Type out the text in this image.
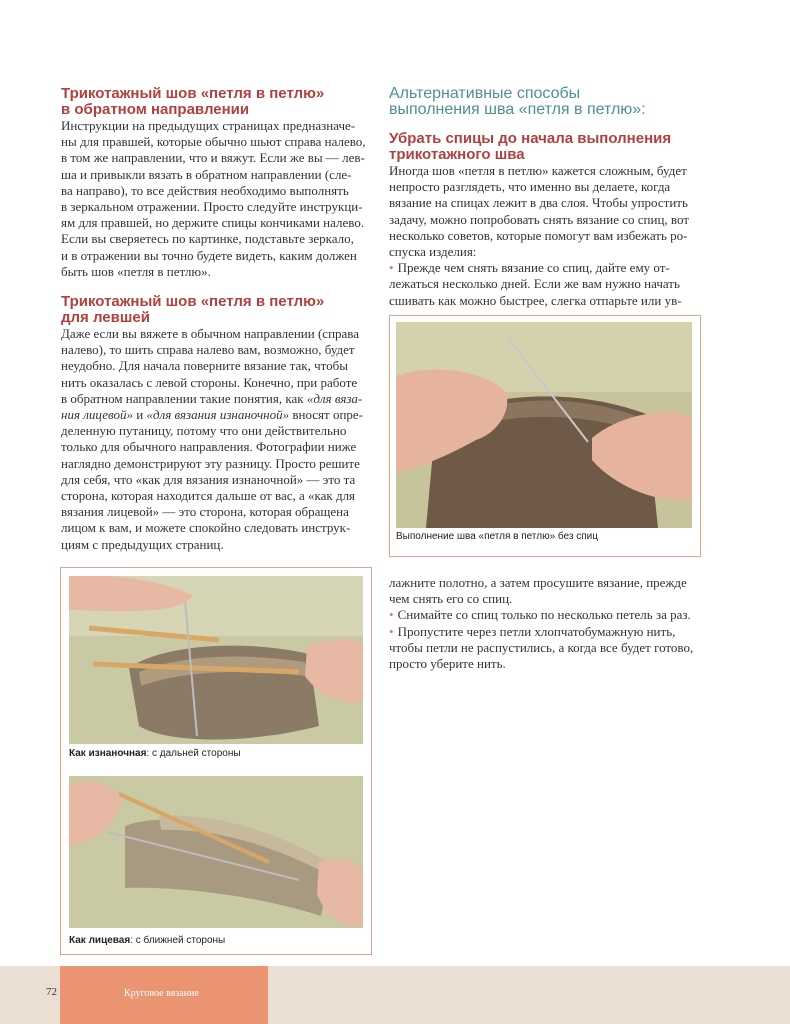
Трикотажный шов «петля в петлю»
в обратном направлении

Инструкции на предыдущих страницах предназначе-
ны для правшей, которые обычно шьют справа налево,
в том же направлении, что и вяжут. Если же вы — лев-
ша и привыкли вязать в обратном направлении (сле-
ва направо), то все действия необходимо выполнять
в зеркальном отражении. Просто следуйте инструкци-
ям для правшей, но держите спицы кончиками налево.
Если вы сверяетесь по картинке, подставьте зеркало,
и в отражении вы точно будете видеть, каким должен
быть шов «петля в петлю».

Трикотажный шов «петля в петлю»
для левшей

Даже если вы вяжете в обычном направлении (справа
налево), то шить справа налево вам, возможно, будет
неудобно. Для начала поверните вязание так, чтобы
нить оказалась с левой стороны. Конечно, при работе
в обратном направлении такие понятия, как «для вяза-
ния лицевой» и «для вязания изнаночной» вносят опре-
деленную путаницу, потому что они действительно
только для обычного направления. Фотографии ниже
наглядно демонстрируют эту разницу. Просто решите
для себя, что «как для вязания изнаночной» — это та
сторона, которая находится дальше от вас, а «как для
вязания лицевой» — это сторона, которая обращена
лицом к вам, и можете спокойно следовать инструк-
циям с предыдущих страниц.

Как изнаночная: с дальней стороны
Как лицевая: с ближней стороны
Альтернативные способы
выполнения шва «петля в петлю»:
Убрать спицы до начала выполнения
трикотажного шва

Иногда шов «петля в петлю» кажется сложным, будет
непросто разглядеть, что именно вы делаете, когда
вязание на спицах лежит в два слоя. Чтобы упростить
задачу, можно попробовать снять вязание со спиц, вот
несколько советов, которые помогут вам избежать ро-
спуска изделия:

• Прежде чем снять вязание со спиц, дайте ему от-
лежаться несколько дней. Если же вам нужно начать
сшивать как можно быстрее, слегка отпарьте или ув-

Выполнение шва «петля в петлю» без спиц

лажните полотно, а затем просушите вязание, прежде
чем снять его со спиц.

• Снимайте со спиц только по несколько петель за раз.

• Пропустите через петли хлопчатобумажную нить,
чтобы петли не распустились, а когда все будет готово,
просто уберите нить.

72	Круговое вязание
